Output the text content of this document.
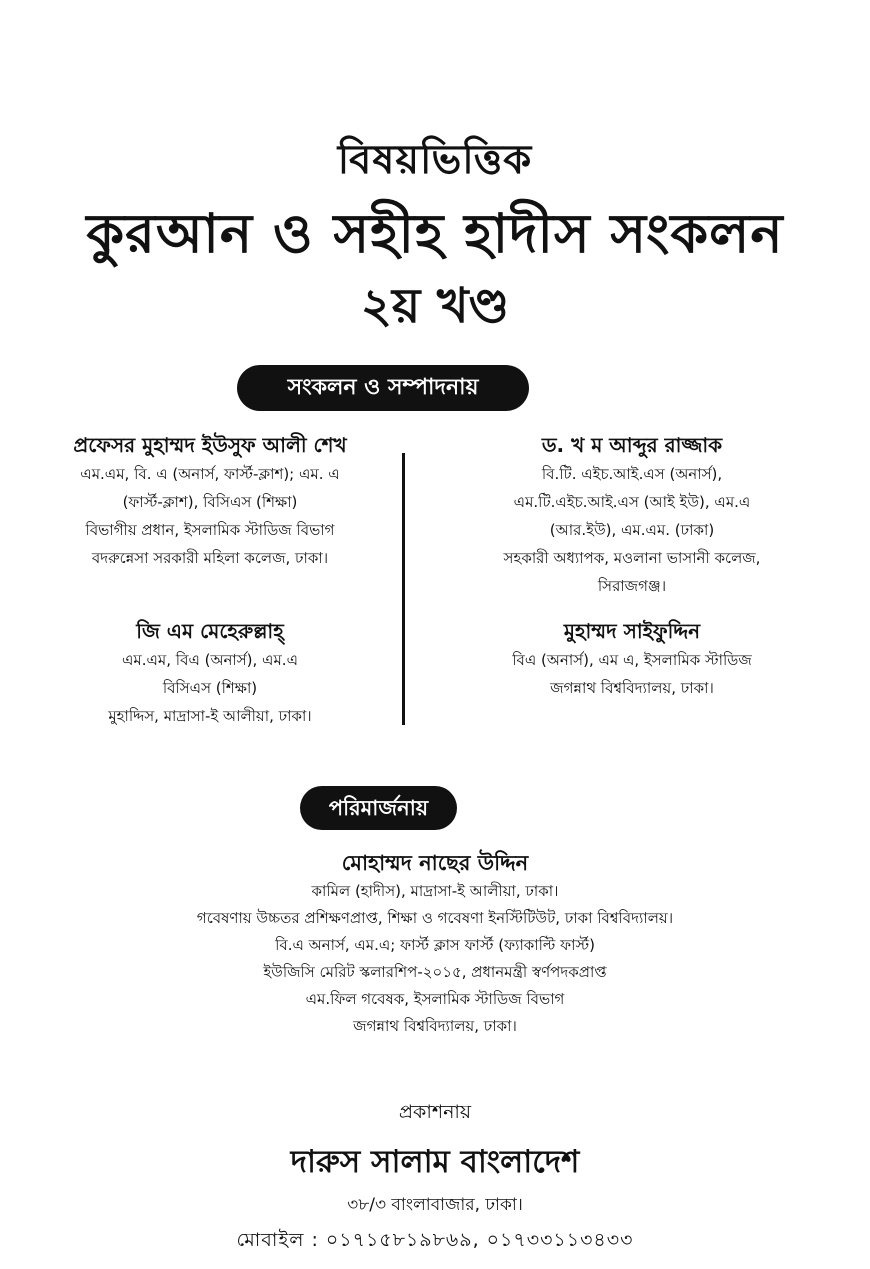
বিষয়ভিত্তিক
কুরআন ও সহীহ হাদীস সংকলন
২য় খণ্ড
সংকলন ও সম্পাদনায়
প্রফেসর মুহাম্মদ ইউসুফ আলী শেখ
এম.এম, বি. এ (অনার্স, ফার্স্ট-ক্লাশ); এম. এ
(ফার্স্ট-ক্লাশ), বিসিএস (শিক্ষা)
বিভাগীয় প্রধান, ইসলামিক স্টাডিজ বিভাগ
বদরুন্নেসা সরকারী মহিলা কলেজ, ঢাকা।
ড. খ ম আব্দুর রাজ্জাক
বি.টি. এইচ.আই.এস (অনার্স),
এম.টি.এইচ.আই.এস (আই ইউ), এম.এ
(আর.ইউ), এম.এম. (ঢাকা)
সহকারী অধ্যাপক, মওলানা ভাসানী কলেজ,
সিরাজগঞ্জ।
জি এম মেহেরুল্লাহ্
এম.এম, বিএ (অনার্স), এম.এ
বিসিএস (শিক্ষা)
মুহাদ্দিস, মাদ্রাসা-ই আলীয়া, ঢাকা।
মুহাম্মদ সাইফুদ্দিন
বিএ (অনার্স), এম এ, ইসলামিক স্টাডিজ
জগন্নাথ বিশ্ববিদ্যালয়, ঢাকা।
পরিমার্জনায়
মোহাম্মদ নাছের উদ্দিন
কামিল (হাদীস), মাদ্রাসা-ই আলীয়া, ঢাকা।
গবেষণায় উচ্চতর প্রশিক্ষণপ্রাপ্ত, শিক্ষা ও গবেষণা ইনস্টিটিউট, ঢাকা বিশ্ববিদ্যালয়।
বি.এ অনার্স, এম.এ; ফার্স্ট ক্লাস ফার্স্ট (ফ্যাকাল্টি ফার্স্ট)
ইউজিসি মেরিট স্কলারশিপ-২০১৫, প্রধানমন্ত্রী স্বর্ণপদকপ্রাপ্ত
এম.ফিল গবেষক, ইসলামিক স্টাডিজ বিভাগ
জগন্নাথ বিশ্ববিদ্যালয়, ঢাকা।
প্রকাশনায়
দারুস সালাম বাংলাদেশ
৩৮/৩ বাংলাবাজার, ঢাকা।
মোবাইল : ০১৭১৫৮১৯৮৬৯, ০১৭৩৩১১৩৪৩৩
